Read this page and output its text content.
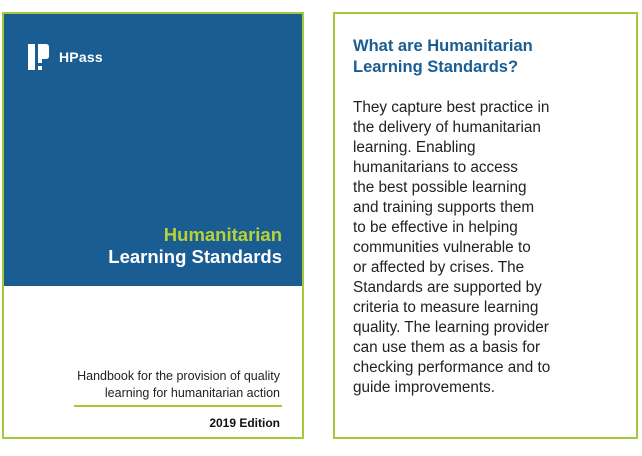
HPass
Humanitarian
Learning Standards
Handbook for the provision of quality
learning for humanitarian action
2019 Edition
What are Humanitarian
Learning Standards?
They capture best practice in
the delivery of humanitarian
learning. Enabling
humanitarians to access
the best possible learning
and training supports them
to be effective in helping
communities vulnerable to
or affected by crises. The
Standards are supported by
criteria to measure learning
quality. The learning provider
can use them as a basis for
checking performance and to
guide improvements.
